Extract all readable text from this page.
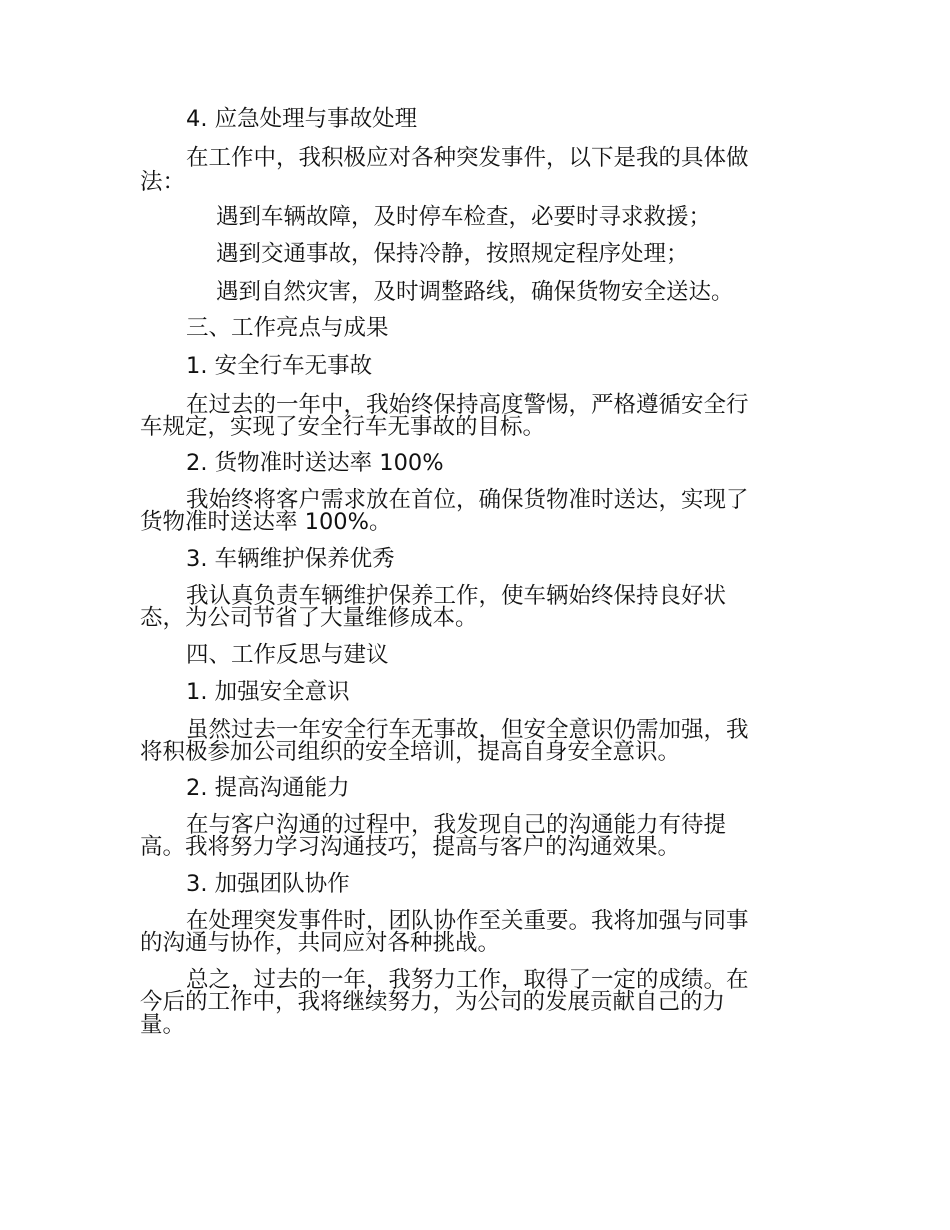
4. 应急处理与事故处理

在工作中，我积极应对各种突发事件，以下是我的具体做

法：

遇到车辆故障，及时停车检查，必要时寻求救援；

遇到交通事故，保持冷静，按照规定程序处理；

遇到自然灾害，及时调整路线，确保货物安全送达。

三、工作亮点与成果

1. 安全行车无事故

在过去的一年中，我始终保持高度警惕，严格遵循安全行

车规定，实现了安全行车无事故的目标。

2. 货物准时送达率 100%

我始终将客户需求放在首位，确保货物准时送达，实现了

货物准时送达率 100%。

3. 车辆维护保养优秀

我认真负责车辆维护保养工作，使车辆始终保持良好状

态，为公司节省了大量维修成本。

四、工作反思与建议

1. 加强安全意识

虽然过去一年安全行车无事故，但安全意识仍需加强，我

将积极参加公司组织的安全培训，提高自身安全意识。

2. 提高沟通能力

在与客户沟通的过程中，我发现自己的沟通能力有待提

高。我将努力学习沟通技巧，提高与客户的沟通效果。

3. 加强团队协作

在处理突发事件时，团队协作至关重要。我将加强与同事

的沟通与协作，共同应对各种挑战。

总之，过去的一年，我努力工作，取得了一定的成绩。在

今后的工作中，我将继续努力，为公司的发展贡献自己的力

量。
